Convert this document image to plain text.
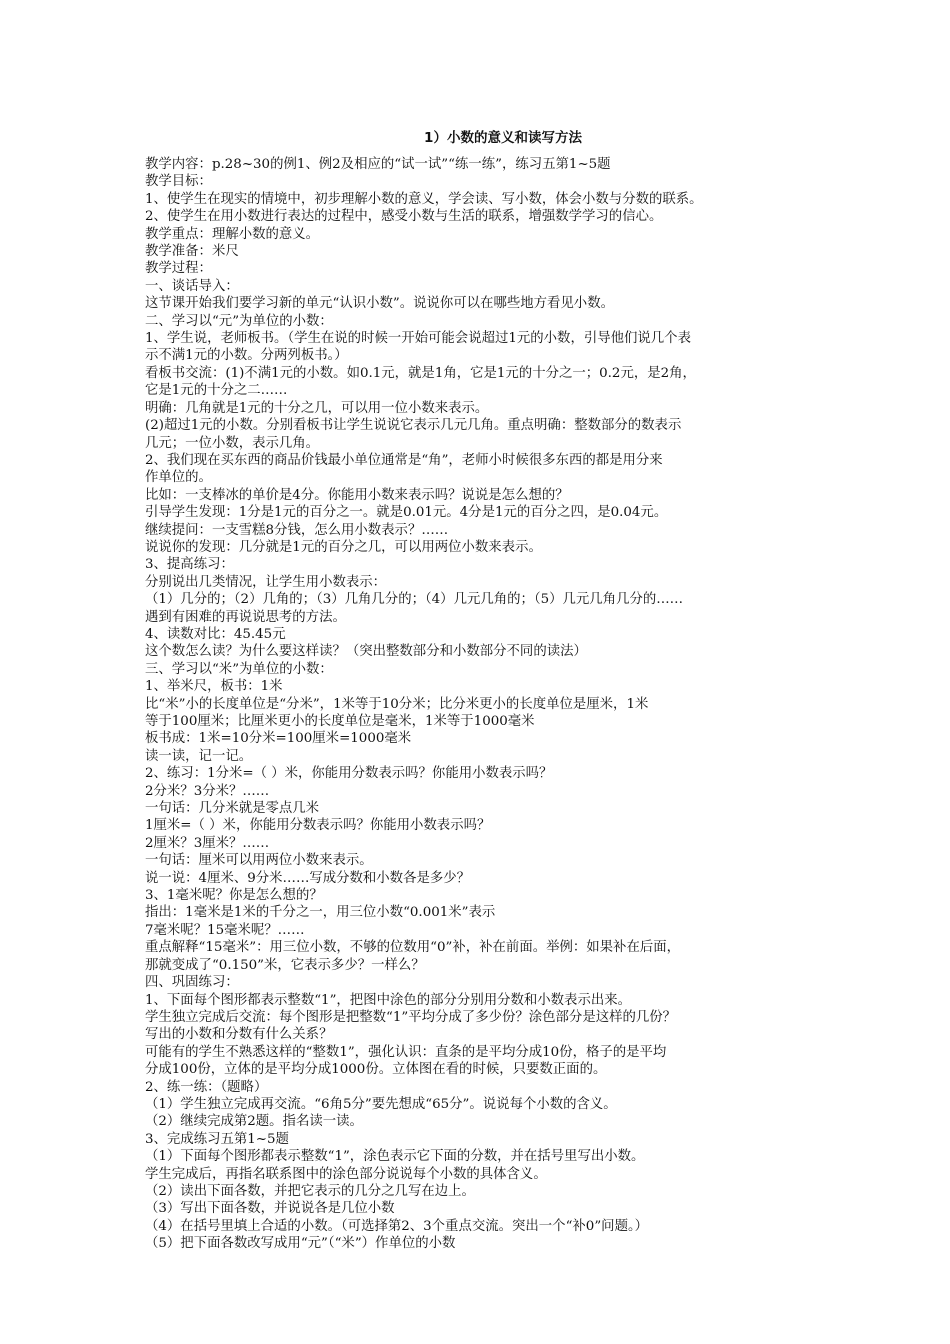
1）小数的意义和读写方法
教学内容：p.28~30的例1、例2及相应的“试一试”“练一练”，练习五第1~5题
教学目标：
1、使学生在现实的情境中，初步理解小数的意义，学会读、写小数，体会小数与分数的联系。
2、使学生在用小数进行表达的过程中，感受小数与生活的联系，增强数学学习的信心。
教学重点：理解小数的意义。
教学准备：米尺
教学过程：
一、谈话导入：
这节课开始我们要学习新的单元“认识小数”。说说你可以在哪些地方看见小数。
二、学习以“元”为单位的小数：
1、学生说，老师板书。（学生在说的时候一开始可能会说超过1元的小数，引导他们说几个表
示不满1元的小数。分两列板书。）
看板书交流：(1)不满1元的小数。如0.1元，就是1角，它是1元的十分之一；0.2元，是2角，
它是1元的十分之二……
明确：几角就是1元的十分之几，可以用一位小数来表示。
(2)超过1元的小数。分别看板书让学生说说它表示几元几角。重点明确：整数部分的数表示
几元；一位小数，表示几角。
2、我们现在买东西的商品价钱最小单位通常是“角”，老师小时候很多东西的都是用分来
作单位的。
比如：一支棒冰的单价是4分。你能用小数来表示吗？说说是怎么想的？
引导学生发现：1分是1元的百分之一。就是0.01元。4分是1元的百分之四，是0.04元。
继续提问：一支雪糕8分钱，怎么用小数表示？……
说说你的发现：几分就是1元的百分之几，可以用两位小数来表示。
3、提高练习：
分别说出几类情况，让学生用小数表示：
（1）几分的；（2）几角的；（3）几角几分的；（4）几元几角的；（5）几元几角几分的……
遇到有困难的再说说思考的方法。
4、读数对比：45.45元
这个数怎么读？为什么要这样读？（突出整数部分和小数部分不同的读法）
三、学习以“米”为单位的小数：
1、举米尺，板书：1米
比“米”小的长度单位是“分米”，1米等于10分米；比分米更小的长度单位是厘米，1米
等于100厘米；比厘米更小的长度单位是毫米，1米等于1000毫米
板书成：1米=10分米=100厘米=1000毫米
读一读，记一记。
2、练习：1分米=（ ）米，你能用分数表示吗？你能用小数表示吗？
2分米？3分米？……
一句话：几分米就是零点几米
1厘米=（ ）米，你能用分数表示吗？你能用小数表示吗？
2厘米？3厘米？……
一句话：厘米可以用两位小数来表示。
说一说：4厘米、9分米……写成分数和小数各是多少？
3、1毫米呢？你是怎么想的？
指出：1毫米是1米的千分之一，用三位小数“0.001米”表示
7毫米呢？15毫米呢？……
重点解释“15毫米”：用三位小数，不够的位数用“0”补，补在前面。举例：如果补在后面，
那就变成了“0.150”米，它表示多少？一样么？
四、巩固练习：
1、下面每个图形都表示整数“1”，把图中涂色的部分分别用分数和小数表示出来。
学生独立完成后交流：每个图形是把整数“1”平均分成了多少份？涂色部分是这样的几份？
写出的小数和分数有什么关系？
可能有的学生不熟悉这样的“整数1”，强化认识：直条的是平均分成10份，格子的是平均
分成100份，立体的是平均分成1000份。立体图在看的时候，只要数正面的。
2、练一练：（题略）
（1）学生独立完成再交流。“6角5分”要先想成“65分”。说说每个小数的含义。
（2）继续完成第2题。指名读一读。
3、完成练习五第1~5题
（1）下面每个图形都表示整数“1”，涂色表示它下面的分数，并在括号里写出小数。
学生完成后，再指名联系图中的涂色部分说说每个小数的具体含义。
（2）读出下面各数，并把它表示的几分之几写在边上。
（3）写出下面各数，并说说各是几位小数
（4）在括号里填上合适的小数。（可选择第2、3个重点交流。突出一个“补0”问题。）
（5）把下面各数改写成用“元”（“米”）作单位的小数
